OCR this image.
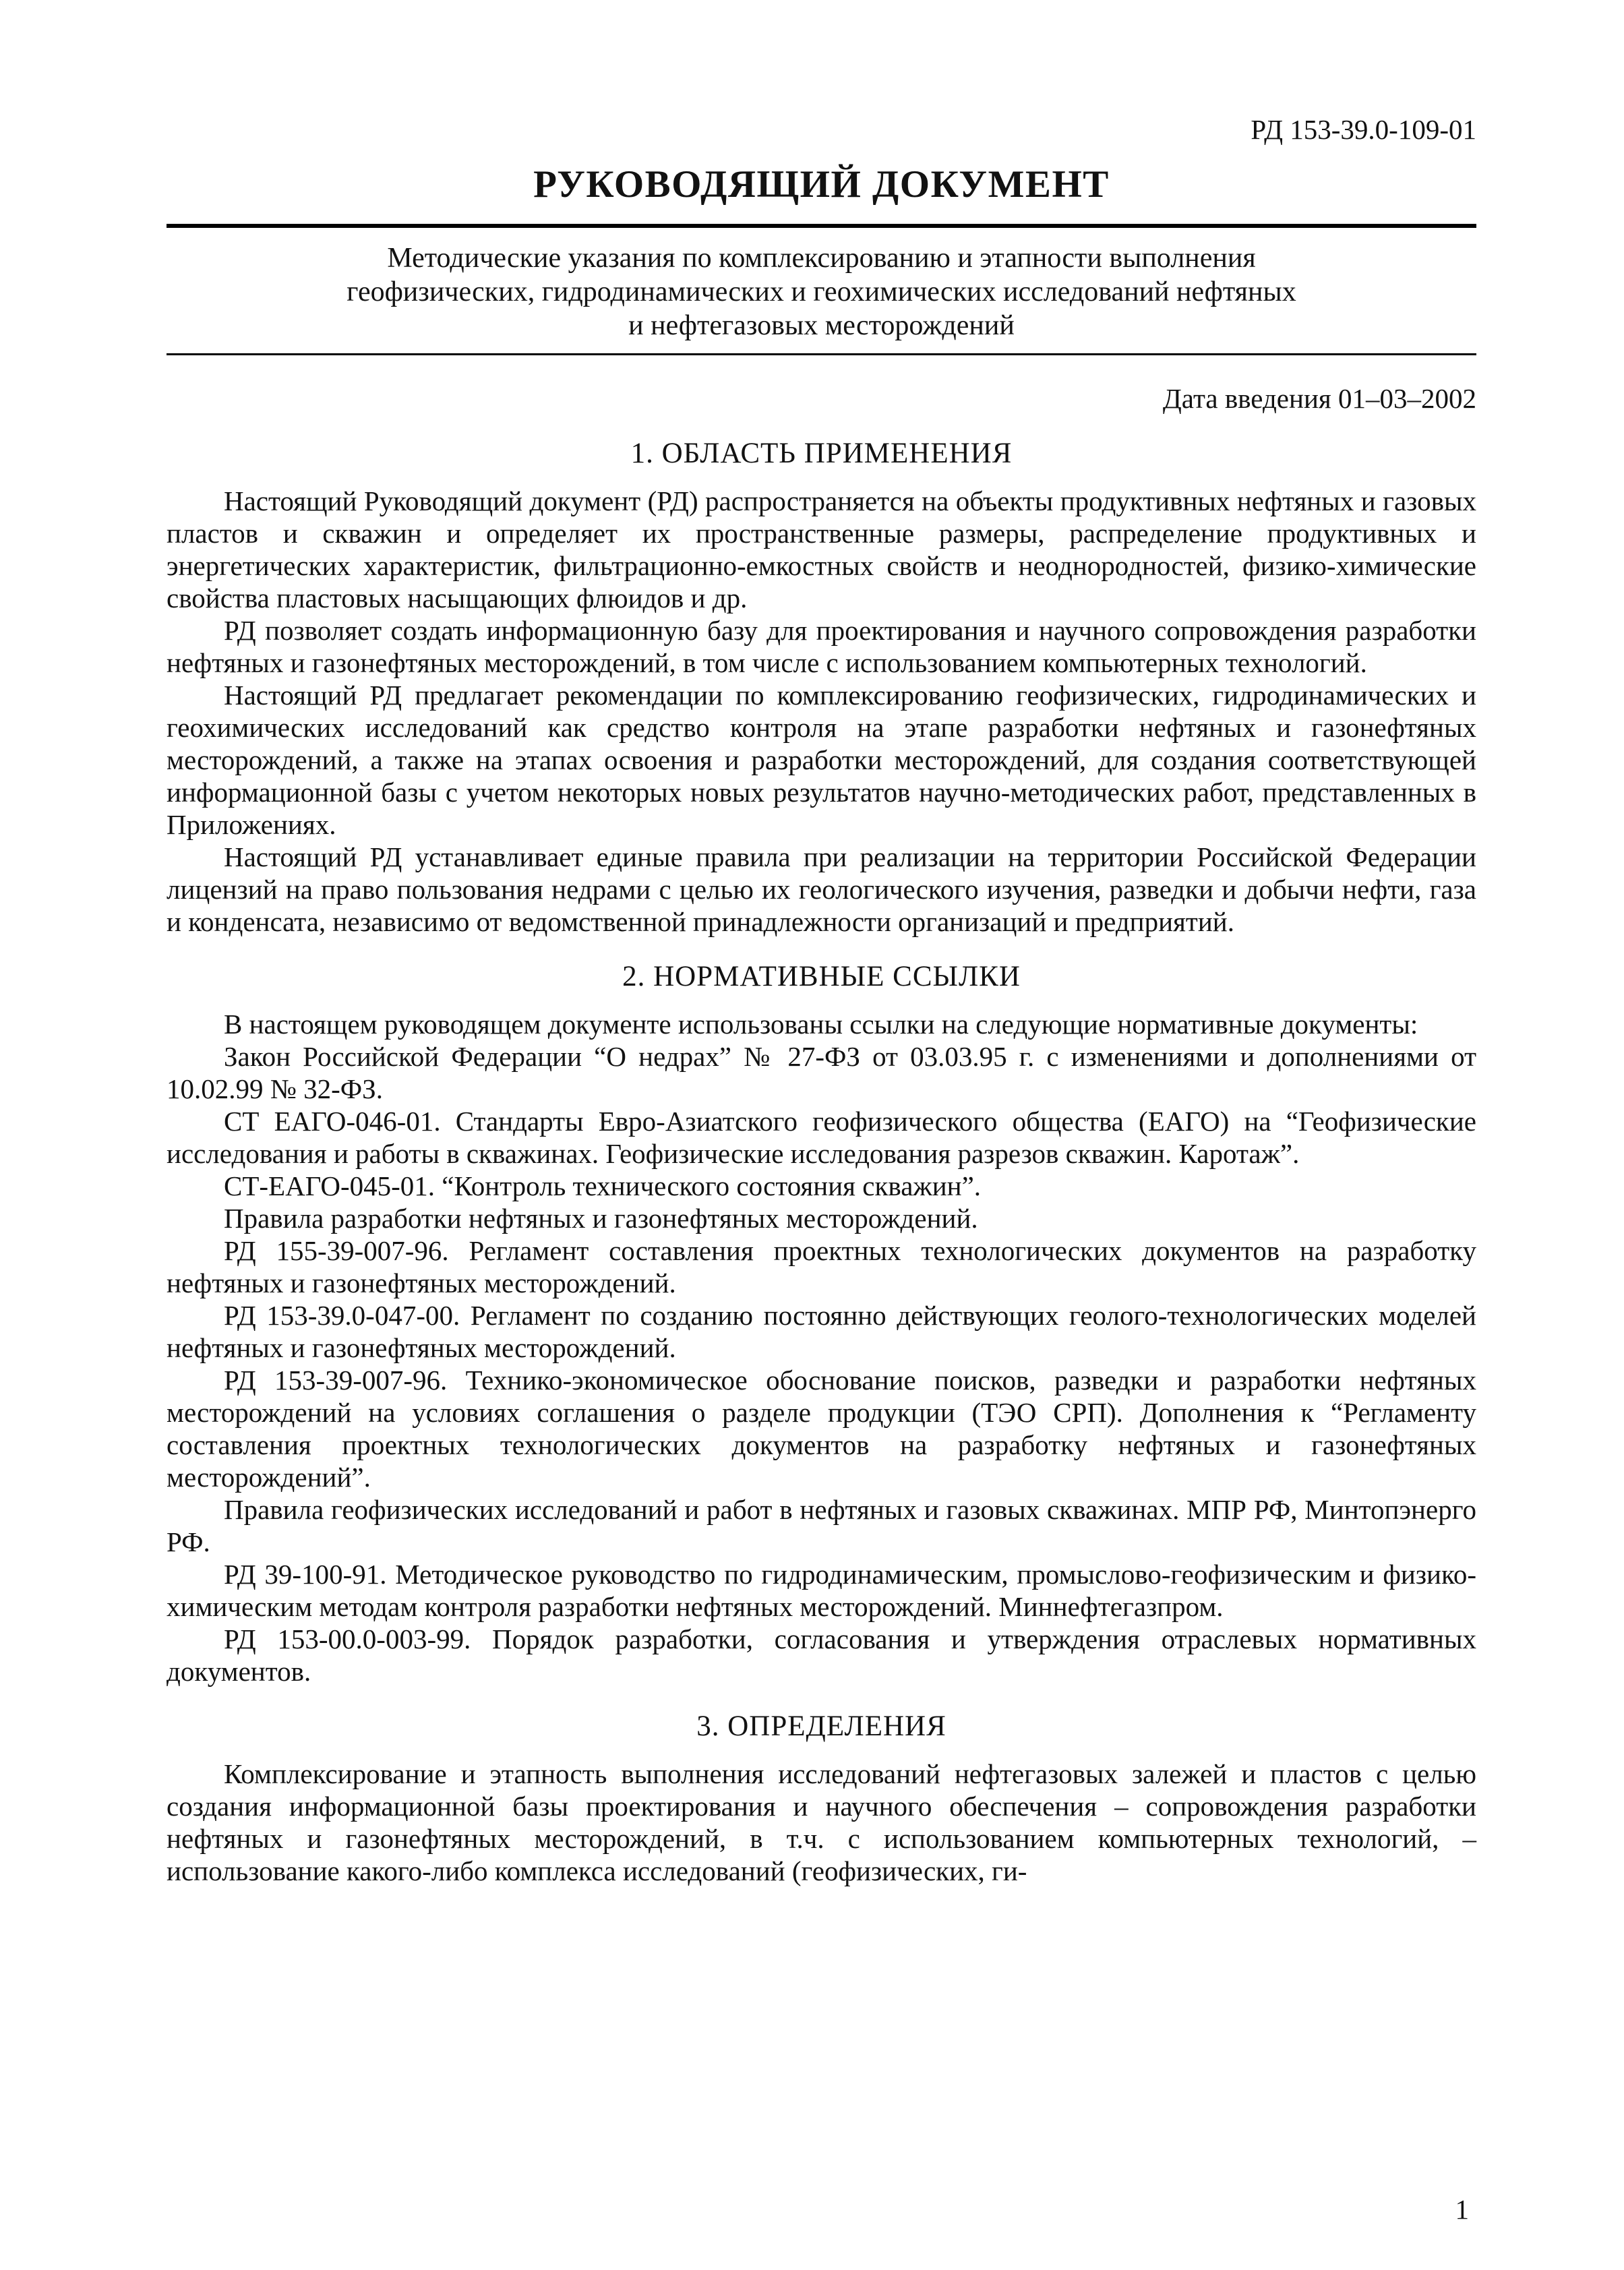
РД 153-39.0-109-01
РУКОВОДЯЩИЙ ДОКУМЕНТ
Методические указания по комплексированию и этапности выполнения
геофизических, гидродинамических и геохимических исследований нефтяных
и нефтегазовых месторождений
Дата введения 01–03–2002
1. ОБЛАСТЬ ПРИМЕНЕНИЯ

Настоящий Руководящий документ (РД) распространяется на объекты продуктивных нефтяных и газовых пластов и скважин и определяет их пространственные размеры, распределение продуктивных и энергетических характеристик, фильтрационно-емкостных свойств и неоднородностей, физико-химические свойства пластовых насыщающих флюидов и др.

РД позволяет создать информационную базу для проектирования и научного сопровождения разработки нефтяных и газонефтяных месторождений, в том числе с использованием компьютерных технологий.

Настоящий РД предлагает рекомендации по комплексированию геофизических, гидродинамических и геохимических исследований как средство контроля на этапе разработки нефтяных и газонефтяных месторождений, а также на этапах освоения и разработки месторождений, для создания соответствующей информационной базы с учетом некоторых новых результатов научно-методических работ, представленных в Приложениях.

Настоящий РД устанавливает единые правила при реализации на территории Российской Федерации лицензий на право пользования недрами с целью их геологического изучения, разведки и добычи нефти, газа и конденсата, независимо от ведомственной принадлежности организаций и предприятий.

2. НОРМАТИВНЫЕ ССЫЛКИ

В настоящем руководящем документе использованы ссылки на следующие нормативные документы:

Закон Российской Федерации “О недрах” № 27-ФЗ от 03.03.95 г. с изменениями и дополнениями от 10.02.99 № 32-ФЗ.

СТ ЕАГО-046-01. Стандарты Евро-Азиатского геофизического общества (ЕАГО) на “Геофизические исследования и работы в скважинах. Геофизические исследования разрезов скважин. Каротаж”.

СТ-ЕАГО-045-01. “Контроль технического состояния скважин”.

Правила разработки нефтяных и газонефтяных месторождений.

РД 155-39-007-96. Регламент составления проектных технологических документов на разработку нефтяных и газонефтяных месторождений.

РД 153-39.0-047-00. Регламент по созданию постоянно действующих геолого-технологических моделей нефтяных и газонефтяных месторождений.

РД 153-39-007-96. Технико-экономическое обоснование поисков, разведки и разработки нефтяных месторождений на условиях соглашения о разделе продукции (ТЭО СРП). Дополнения к “Регламенту составления проектных технологических документов на разработку нефтяных и газонефтяных месторождений”.

Правила геофизических исследований и работ в нефтяных и газовых скважинах. МПР РФ, Минтопэнерго РФ.

РД 39-100-91. Методическое руководство по гидродинамическим, промыслово-геофизическим и физико-химическим методам контроля разработки нефтяных месторождений. Миннефтегазпром.

РД 153-00.0-003-99. Порядок разработки, согласования и утверждения отраслевых нормативных документов.

3. ОПРЕДЕЛЕНИЯ

Комплексирование и этапность выполнения исследований нефтегазовых залежей и пластов с целью создания информационной базы проектирования и научного обеспечения – сопровождения разработки нефтяных и газонефтяных месторождений, в т.ч. с использованием компьютерных технологий, – использование какого-либо комплекса исследований (геофизических, ги-

1
